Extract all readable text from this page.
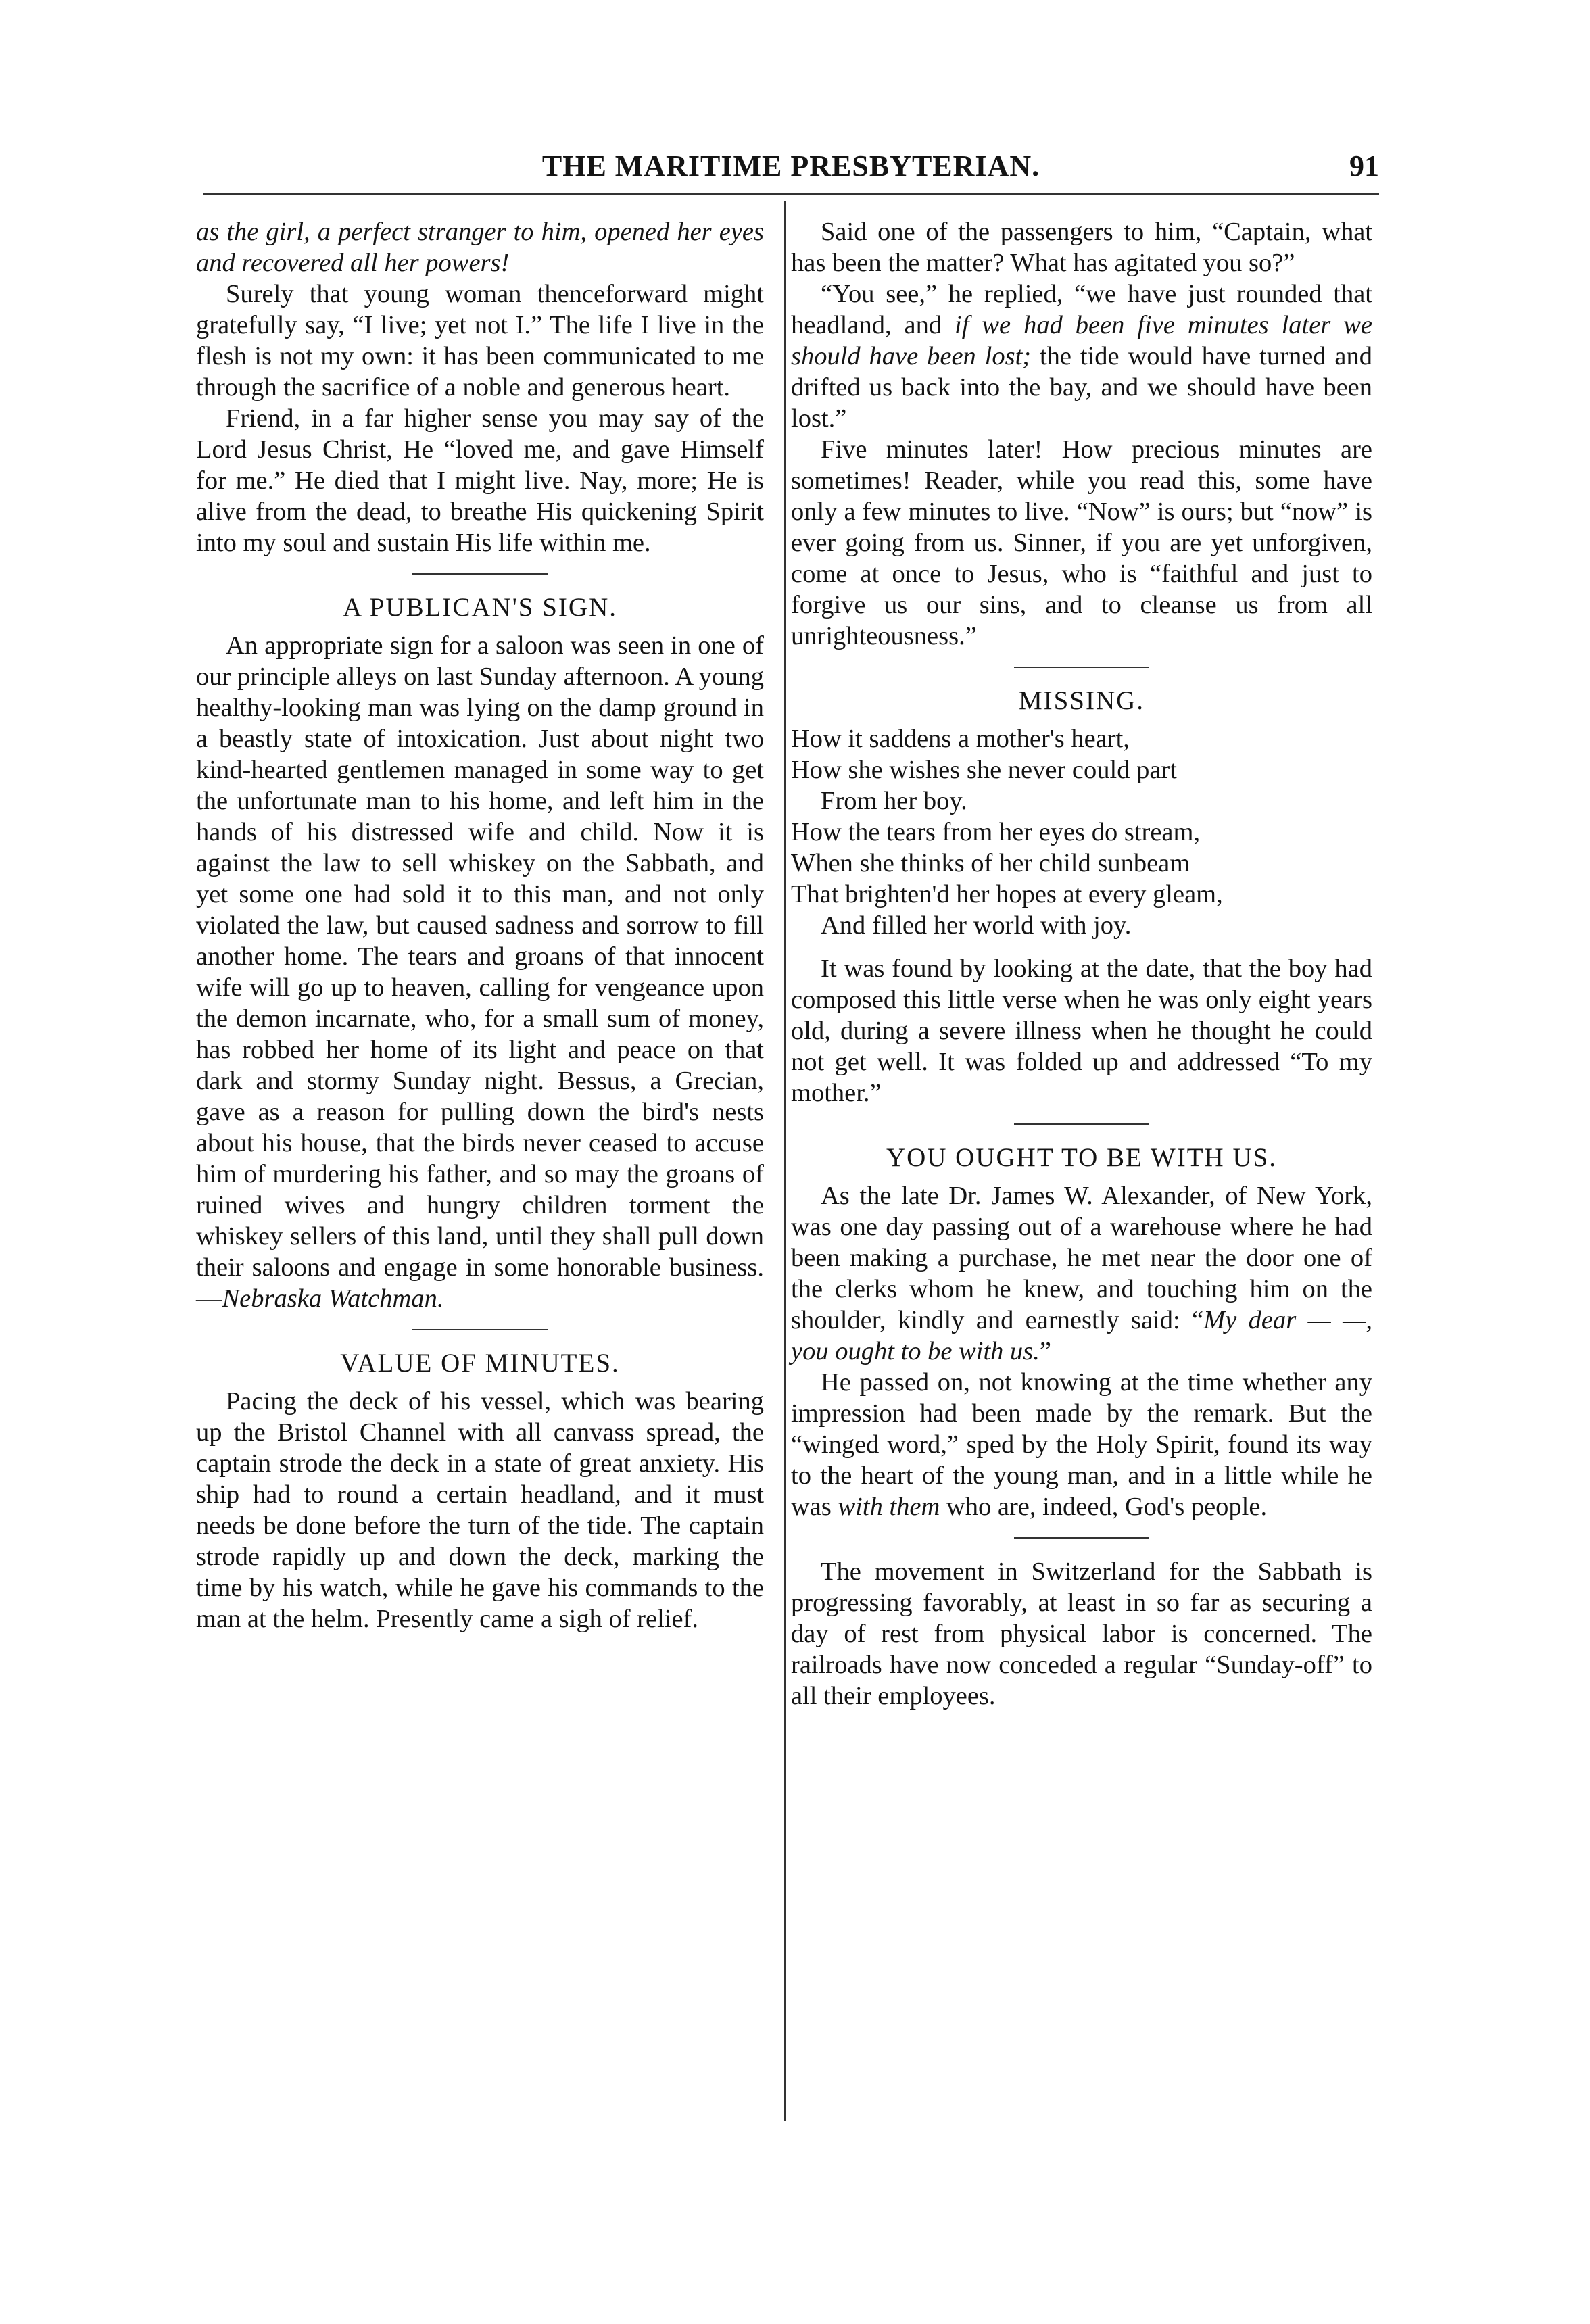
THE MARITIME PRESBYTERIAN.	91

as the girl, a perfect stranger to him, opened her eyes and recovered all her powers!

Surely that young woman thenceforward might gratefully say, “I live; yet not I.” The life I live in the flesh is not my own: it has been communicated to me through the sacrifice of a noble and generous heart.

Friend, in a far higher sense you may say of the Lord Jesus Christ, He “loved me, and gave Himself for me.” He died that I might live. Nay, more; He is alive from the dead, to breathe His quickening Spirit into my soul and sustain His life within me.

A PUBLICAN'S SIGN.

An appropriate sign for a saloon was seen in one of our principle alleys on last Sunday afternoon. A young healthy-looking man was lying on the damp ground in a beastly state of intoxication. Just about night two kind-hearted gentlemen managed in some way to get the unfortunate man to his home, and left him in the hands of his distressed wife and child. Now it is against the law to sell whiskey on the Sabbath, and yet some one had sold it to this man, and not only violated the law, but caused sadness and sorrow to fill another home. The tears and groans of that innocent wife will go up to heaven, calling for vengeance upon the demon incarnate, who, for a small sum of money, has robbed her home of its light and peace on that dark and stormy Sunday night. Bessus, a Grecian, gave as a reason for pulling down the bird's nests about his house, that the birds never ceased to accuse him of murdering his father, and so may the groans of ruined wives and hungry children torment the whiskey sellers of this land, until they shall pull down their saloons and engage in some honorable business. —Nebraska Watchman.

VALUE OF MINUTES.

Pacing the deck of his vessel, which was bearing up the Bristol Channel with all canvass spread, the captain strode the deck in a state of great anxiety. His ship had to round a certain headland, and it must needs be done before the turn of the tide. The captain strode rapidly up and down the deck, marking the time by his watch, while he gave his commands to the man at the helm. Presently came a sigh of relief.

Said one of the passengers to him, “Captain, what has been the matter? What has agitated you so?”

“You see,” he replied, “we have just rounded that headland, and if we had been five minutes later we should have been lost; the tide would have turned and drifted us back into the bay, and we should have been lost.”

Five minutes later! How precious minutes are sometimes! Reader, while you read this, some have only a few minutes to live. “Now” is ours; but “now” is ever going from us. Sinner, if you are yet unforgiven, come at once to Jesus, who is “faithful and just to forgive us our sins, and to cleanse us from all unrighteousness.”

MISSING.
How it saddens a mother's heart,
How she wishes she never could part
From her boy.
How the tears from her eyes do stream,
When she thinks of her child sunbeam
That brighten'd her hopes at every gleam,
And filled her world with joy.

It was found by looking at the date, that the boy had composed this little verse when he was only eight years old, during a severe illness when he thought he could not get well. It was folded up and addressed “To my mother.”

YOU OUGHT TO BE WITH US.

As the late Dr. James W. Alexander, of New York, was one day passing out of a warehouse where he had been making a purchase, he met near the door one of the clerks whom he knew, and touching him on the shoulder, kindly and earnestly said: “My dear — —, you ought to be with us.”

He passed on, not knowing at the time whether any impression had been made by the remark. But the “winged word,” sped by the Holy Spirit, found its way to the heart of the young man, and in a little while he was with them who are, indeed, God's people.

The movement in Switzerland for the Sabbath is progressing favorably, at least in so far as securing a day of rest from physical labor is concerned. The railroads have now conceded a regular “Sunday-off” to all their employees.
